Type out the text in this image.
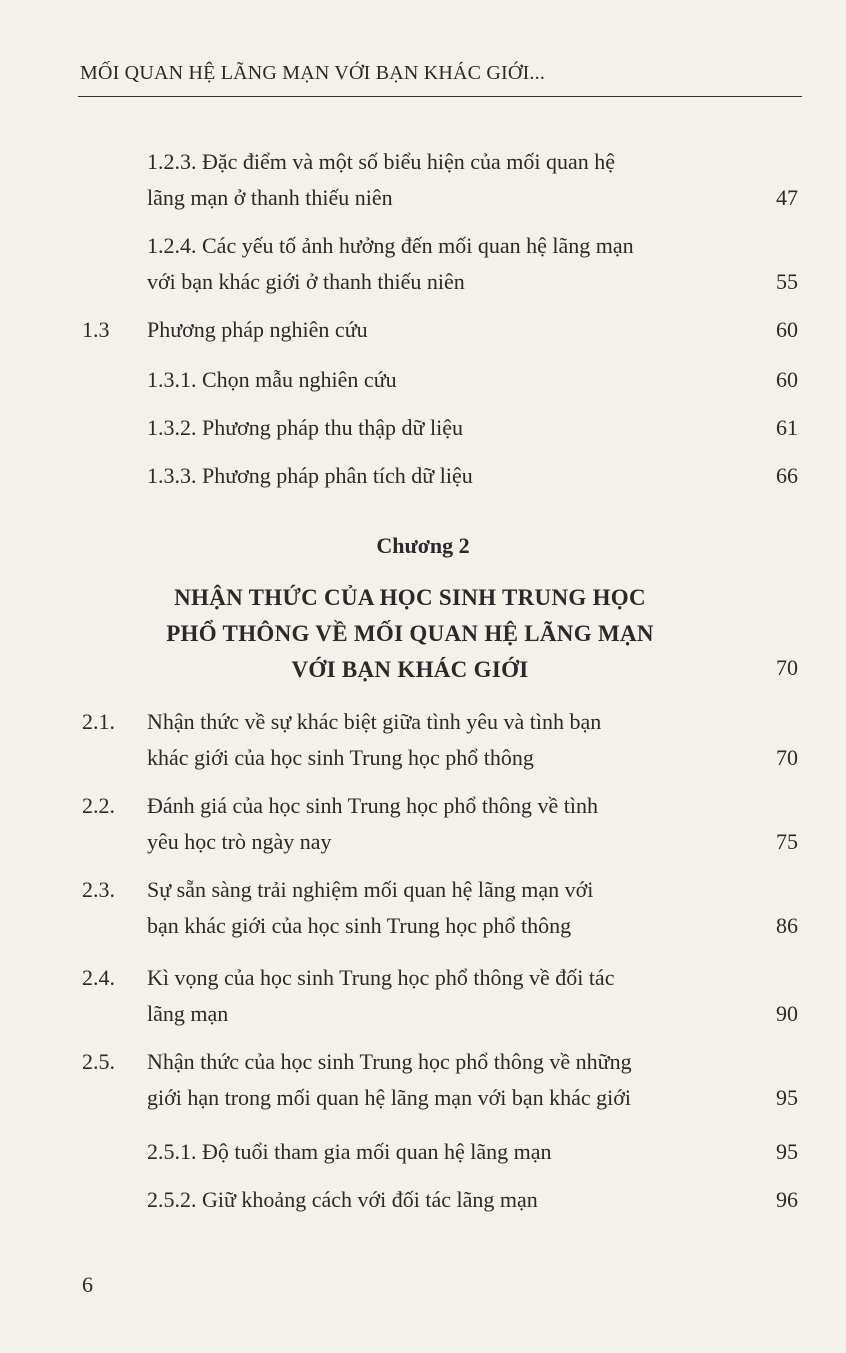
MỐI QUAN HỆ LÃNG MẠN VỚI BẠN KHÁC GIỚI...
1.2.3. Đặc điểm và một số biểu hiện của mối quan hệ
lãng mạn ở thanh thiếu niên	47
1.2.4. Các yếu tố ảnh hưởng đến mối quan hệ lãng mạn
với bạn khác giới ở thanh thiếu niên	55
1.3 Phương pháp nghiên cứu	60
1.3.1. Chọn mẫu nghiên cứu	60
1.3.2. Phương pháp thu thập dữ liệu	61
1.3.3. Phương pháp phân tích dữ liệu	66
Chương 2
NHẬN THỨC CỦA HỌC SINH TRUNG HỌC
PHỔ THÔNG VỀ MỐI QUAN HỆ LÃNG MẠN
VỚI BẠN KHÁC GIỚI	70
2.1. Nhận thức về sự khác biệt giữa tình yêu và tình bạn
khác giới của học sinh Trung học phổ thông	70
2.2. Đánh giá của học sinh Trung học phổ thông về tình
yêu học trò ngày nay	75
2.3. Sự sẵn sàng trải nghiệm mối quan hệ lãng mạn với
bạn khác giới của học sinh Trung học phổ thông	86
2.4. Kì vọng của học sinh Trung học phổ thông về đối tác
lãng mạn	90
2.5. Nhận thức của học sinh Trung học phổ thông về những
giới hạn trong mối quan hệ lãng mạn với bạn khác giới	95
2.5.1. Độ tuổi tham gia mối quan hệ lãng mạn	95
2.5.2. Giữ khoảng cách với đối tác lãng mạn	96
6
